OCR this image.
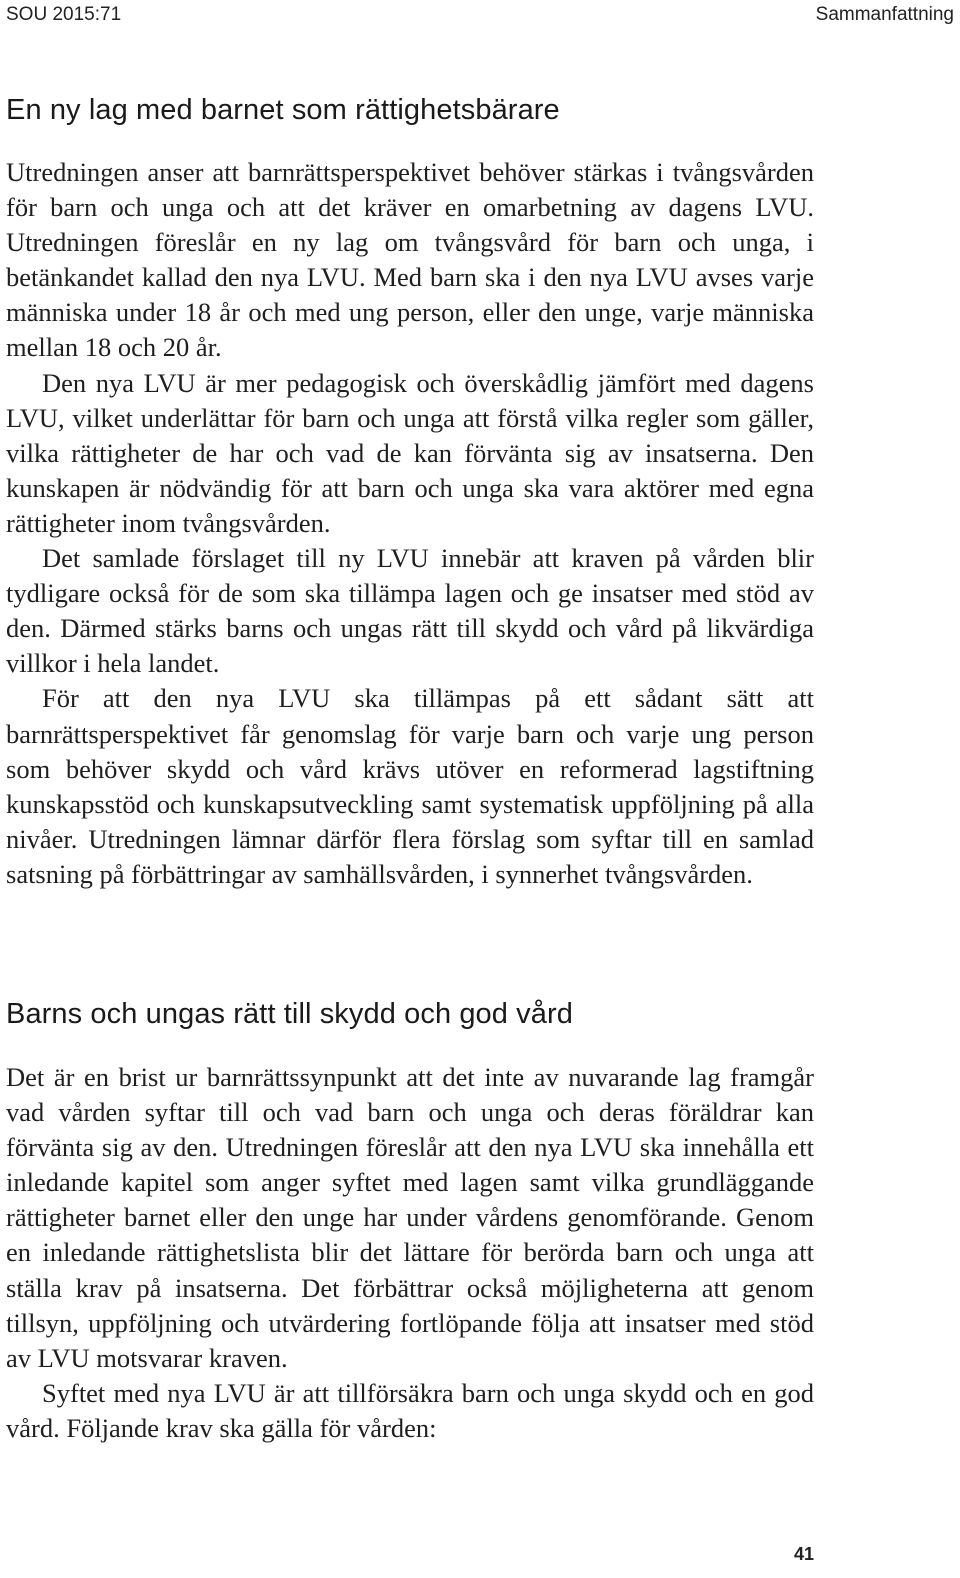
SOU 2015:71	Sammanfattning
En ny lag med barnet som rättighetsbärare

Utredningen anser att barnrättsperspektivet behöver stärkas i tvångsvården för barn och unga och att det kräver en omarbetning av dagens LVU. Utredningen föreslår en ny lag om tvångsvård för barn och unga, i betänkandet kallad den nya LVU. Med barn ska i den nya LVU avses varje människa under 18 år och med ung person, eller den unge, varje människa mellan 18 och 20 år.

Den nya LVU är mer pedagogisk och överskådlig jämfört med dagens LVU, vilket underlättar för barn och unga att förstå vilka regler som gäller, vilka rättigheter de har och vad de kan förvänta sig av insatserna. Den kunskapen är nödvändig för att barn och unga ska vara aktörer med egna rättigheter inom tvångsvården.

Det samlade förslaget till ny LVU innebär att kraven på vården blir tydligare också för de som ska tillämpa lagen och ge insatser med stöd av den. Därmed stärks barns och ungas rätt till skydd och vård på likvärdiga villkor i hela landet.

För att den nya LVU ska tillämpas på ett sådant sätt att barnrättsperspektivet får genomslag för varje barn och varje ung person som behöver skydd och vård krävs utöver en reformerad lagstiftning kunskapsstöd och kunskapsutveckling samt systematisk uppföljning på alla nivåer. Utredningen lämnar därför flera förslag som syftar till en samlad satsning på förbättringar av samhällsvården, i synnerhet tvångsvården.

Barns och ungas rätt till skydd och god vård

Det är en brist ur barnrättssynpunkt att det inte av nuvarande lag framgår vad vården syftar till och vad barn och unga och deras föräldrar kan förvänta sig av den. Utredningen föreslår att den nya LVU ska innehålla ett inledande kapitel som anger syftet med lagen samt vilka grundläggande rättigheter barnet eller den unge har under vårdens genomförande. Genom en inledande rättighetslista blir det lättare för berörda barn och unga att ställa krav på insatserna. Det förbättrar också möjligheterna att genom tillsyn, uppföljning och utvärdering fortlöpande följa att insatser med stöd av LVU motsvarar kraven.

Syftet med nya LVU är att tillförsäkra barn och unga skydd och en god vård. Följande krav ska gälla för vården:

41
